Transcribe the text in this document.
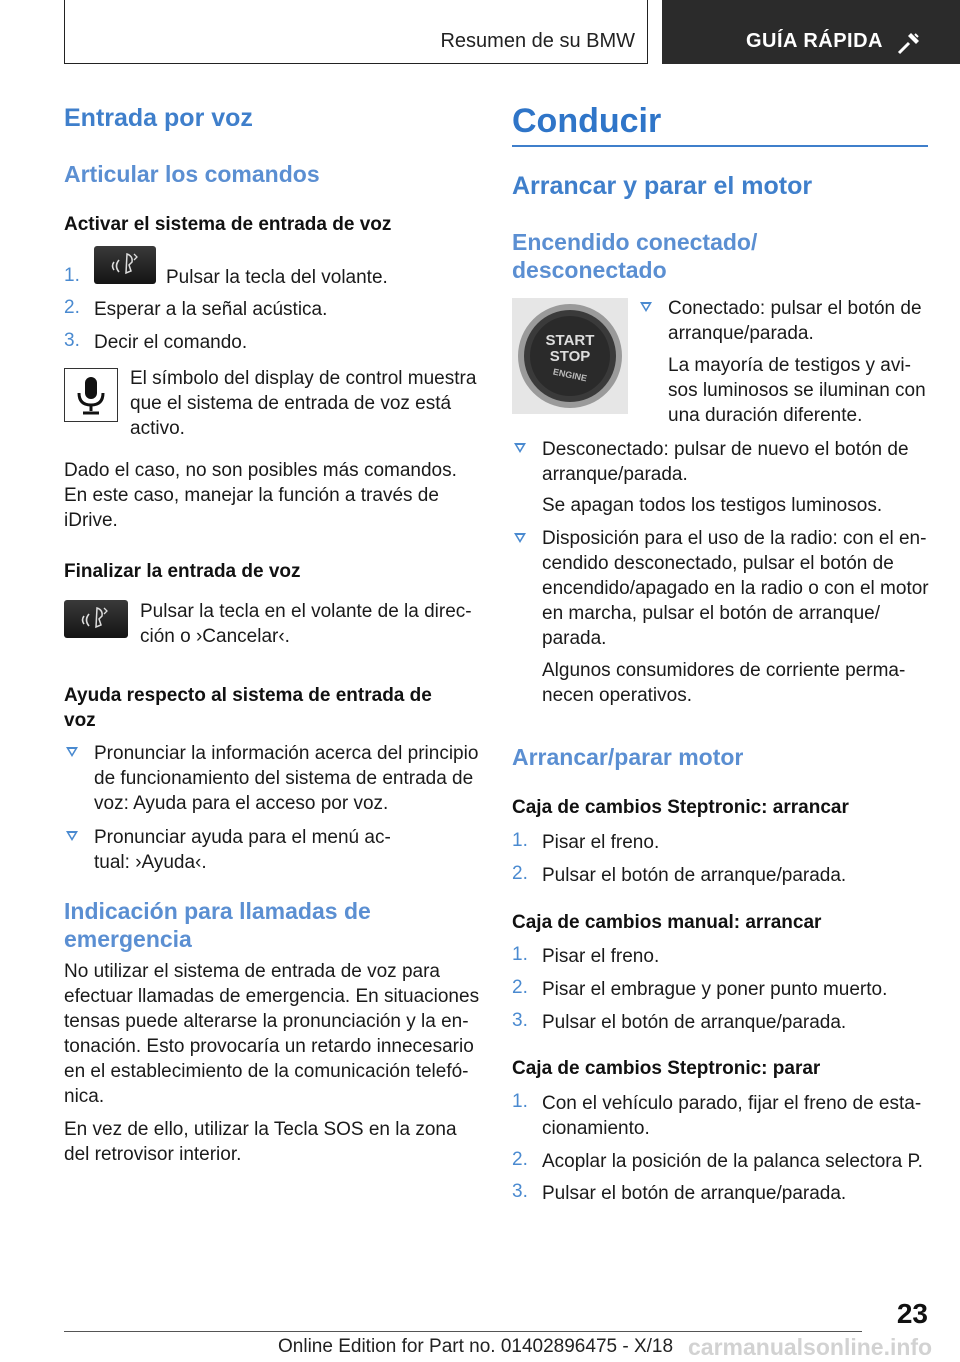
Resumen de su BMW	GUÍA RÁPIDA
Entrada por voz
Articular los comandos
Activar el sistema de entrada de voz
1.	Pulsar la tecla del volante.
2. Esperar a la señal acústica.
3. Decir el comando.
El símbolo del display de control muestra
que el sistema de entrada de voz está
activo.
Dado el caso, no son posibles más comandos.
En este caso, manejar la función a través de
iDrive.
Finalizar la entrada de voz
Pulsar la tecla en el volante de la direc‐
ción o ›Cancelar‹.
Ayuda respecto al sistema de entrada de
voz
Pronunciar la información acerca del principio
de funcionamiento del sistema de entrada de
voz: Ayuda para el acceso por voz.
Pronunciar ayuda para el menú ac‐
tual: ›Ayuda‹.
Indicación para llamadas de
emergencia
No utilizar el sistema de entrada de voz para
efectuar llamadas de emergencia. En situaciones
tensas puede alterarse la pronunciación y la en‐
tonación. Esto provocaría un retardo innecesario
en el establecimiento de la comunicación telefó‐
nica.
En vez de ello, utilizar la Tecla SOS en la zona
del retrovisor interior.
Conducir
Arrancar y parar el motor
Encendido conectado/
desconectado
START
STOP
ENGINE
Conectado: pulsar el botón de
arranque/parada.
La mayoría de testigos y avi‐
sos luminosos se iluminan con
una duración diferente.
Desconectado: pulsar de nuevo el botón de
arranque/parada.
Se apagan todos los testigos luminosos.
Disposición para el uso de la radio: con el en‐
cendido desconectado, pulsar el botón de
encendido/apagado en la radio o con el motor
en marcha, pulsar el botón de arranque/
parada.
Algunos consumidores de corriente perma‐
necen operativos.
Arrancar/parar motor
Caja de cambios Steptronic: arrancar
1. Pisar el freno.
2. Pulsar el botón de arranque/parada.
Caja de cambios manual: arrancar
1. Pisar el freno.
2. Pisar el embrague y poner punto muerto.
3. Pulsar el botón de arranque/parada.
Caja de cambios Steptronic: parar
1. Con el vehículo parado, fijar el freno de esta‐
cionamiento.
2. Acoplar la posición de la palanca selectora P.
3. Pulsar el botón de arranque/parada.
23
Online Edition for Part no. 01402896475 - X/18 carmanualsonline.info
